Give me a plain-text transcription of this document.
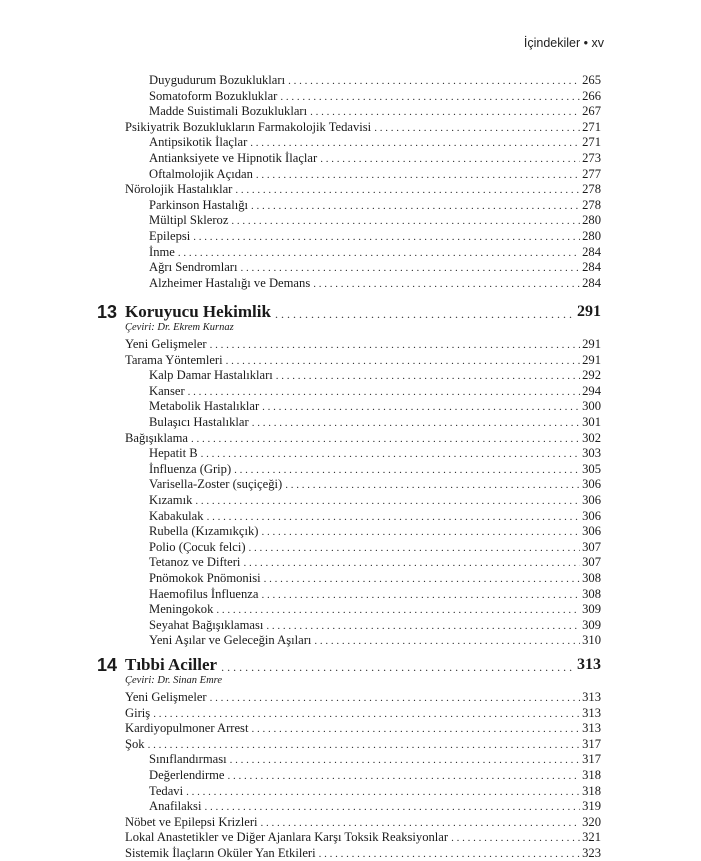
İçindekiler • xv
Duygudurum Bozuklukları . . .	265
Somatoform Bozukluklar . . .	266
Madde Suistimali Bozuklukları . . .	267
Psikiyatrik Bozuklukların Farmakolojik Tedavisi . . .	271
Antipsikotik İlaçlar . . .	271
Antianksiyete ve Hipnotik İlaçlar . . .	273
Oftalmolojik Açıdan . . .	277
Nörolojik Hastalıklar . . .	278
Parkinson Hastalığı . . .	278
Mültipl Skleroz . . .	280
Epilepsi . . .	280
İnme . . .	284
Ağrı Sendromları . . .	284
Alzheimer Hastalığı ve Demans . . .	284
13 Koruyucu Hekimlik . . .	291
Çeviri: Dr. Ekrem Kurnaz
Yeni Gelişmeler . . .	291
Tarama Yöntemleri . . .	291
Kalp Damar Hastalıkları . . .	292
Kanser . . .	294
Metabolik Hastalıklar . . .	300
Bulaşıcı Hastalıklar . . .	301
Bağışıklama . . .	302
Hepatit B . . .	303
İnfluenza (Grip) . . .	305
Varisella-Zoster (suçiçeği) . . .	306
Kızamık . . .	306
Kabakulak . . .	306
Rubella (Kızamıkçık) . . .	306
Polio (Çocuk felci) . . .	307
Tetanoz ve Difteri . . .	307
Pnömokok Pnömonisi . . .	308
Haemofilus İnfluenza . . .	308
Meningokok . . .	309
Seyahat Bağışıklaması . . .	309
Yeni Aşılar ve Geleceğin Aşıları . . .	310
14 Tıbbi Aciller . . .	313
Çeviri: Dr. Sinan Emre
Yeni Gelişmeler . . .	313
Giriş . . .	313
Kardiyopulmoner Arrest . . .	313
Şok . . .	317
Sınıflandırması . . .	317
Değerlendirme . . .	318
Tedavi . . .	318
Anafilaksi . . .	319
Nöbet ve Epilepsi Krizleri . . .	320
Lokal Anastetikler ve Diğer Ajanlara Karşı Toksik Reaksiyonlar . . .	321
Sistemik İlaçların Oküler Yan Etkileri . . .	323
